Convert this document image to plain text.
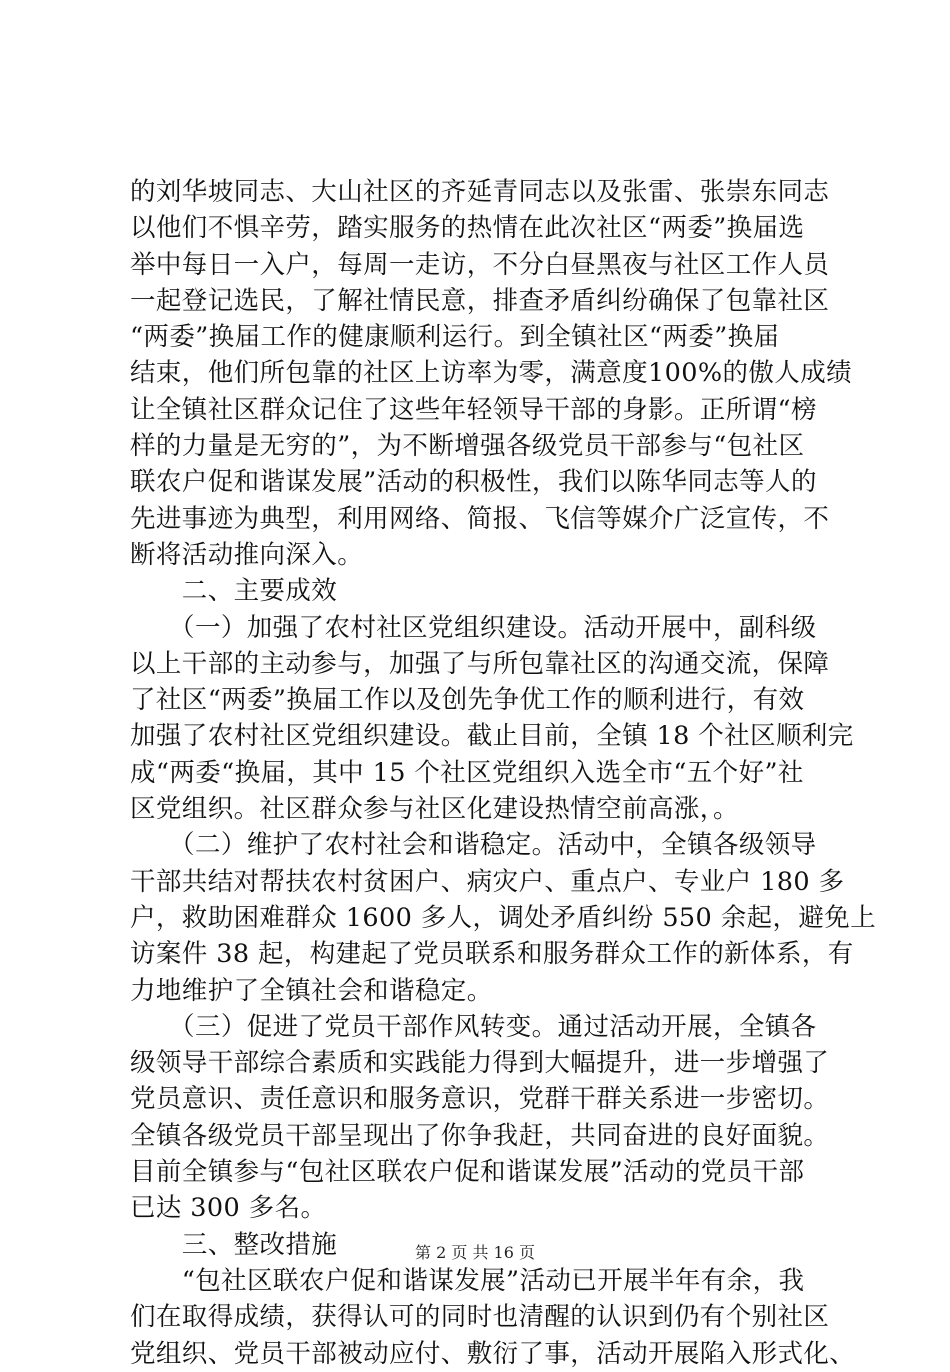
的刘华坡同志、大山社区的齐延青同志以及张雷、张崇东同志
以他们不惧辛劳，踏实服务的热情在此次社区“两委”换届选
举中每日一入户，每周一走访，不分白昼黑夜与社区工作人员
一起登记选民，了解社情民意，排查矛盾纠纷确保了包靠社区
“两委”换届工作的健康顺利运行。到全镇社区“两委”换届
结束，他们所包靠的社区上访率为零，满意度100%的傲人成绩
让全镇社区群众记住了这些年轻领导干部的身影。正所谓“榜
样的力量是无穷的”，为不断增强各级党员干部参与“包社区
联农户促和谐谋发展”活动的积极性，我们以陈华同志等人的
先进事迹为典型，利用网络、简报、飞信等媒介广泛宣传，不
断将活动推向深入。
　　二、主要成效
　　（一）加强了农村社区党组织建设。活动开展中，副科级
以上干部的主动参与，加强了与所包靠社区的沟通交流，保障
了社区“两委”换届工作以及创先争优工作的顺利进行，有效
加强了农村社区党组织建设。截止目前，全镇 18 个社区顺利完
成“两委“换届，其中 15 个社区党组织入选全市“五个好”社
区党组织。社区群众参与社区化建设热情空前高涨，。
　　（二）维护了农村社会和谐稳定。活动中，全镇各级领导
干部共结对帮扶农村贫困户、病灾户、重点户、专业户 180 多
户，救助困难群众 1600 多人，调处矛盾纠纷 550 余起，避免上
访案件 38 起，构建起了党员联系和服务群众工作的新体系，有
力地维护了全镇社会和谐稳定。
　　（三）促进了党员干部作风转变。通过活动开展，全镇各
级领导干部综合素质和实践能力得到大幅提升，进一步增强了
党员意识、责任意识和服务意识，党群干群关系进一步密切。
全镇各级党员干部呈现出了你争我赶，共同奋进的良好面貌。
目前全镇参与“包社区联农户促和谐谋发展”活动的党员干部
已达 300 多名。
　　三、整改措施
　　“包社区联农户促和谐谋发展”活动已开展半年有余，我
们在取得成绩，获得认可的同时也清醒的认识到仍有个别社区
党组织、党员干部被动应付、敷衍了事，活动开展陷入形式化、
第 2 页 共 16 页
